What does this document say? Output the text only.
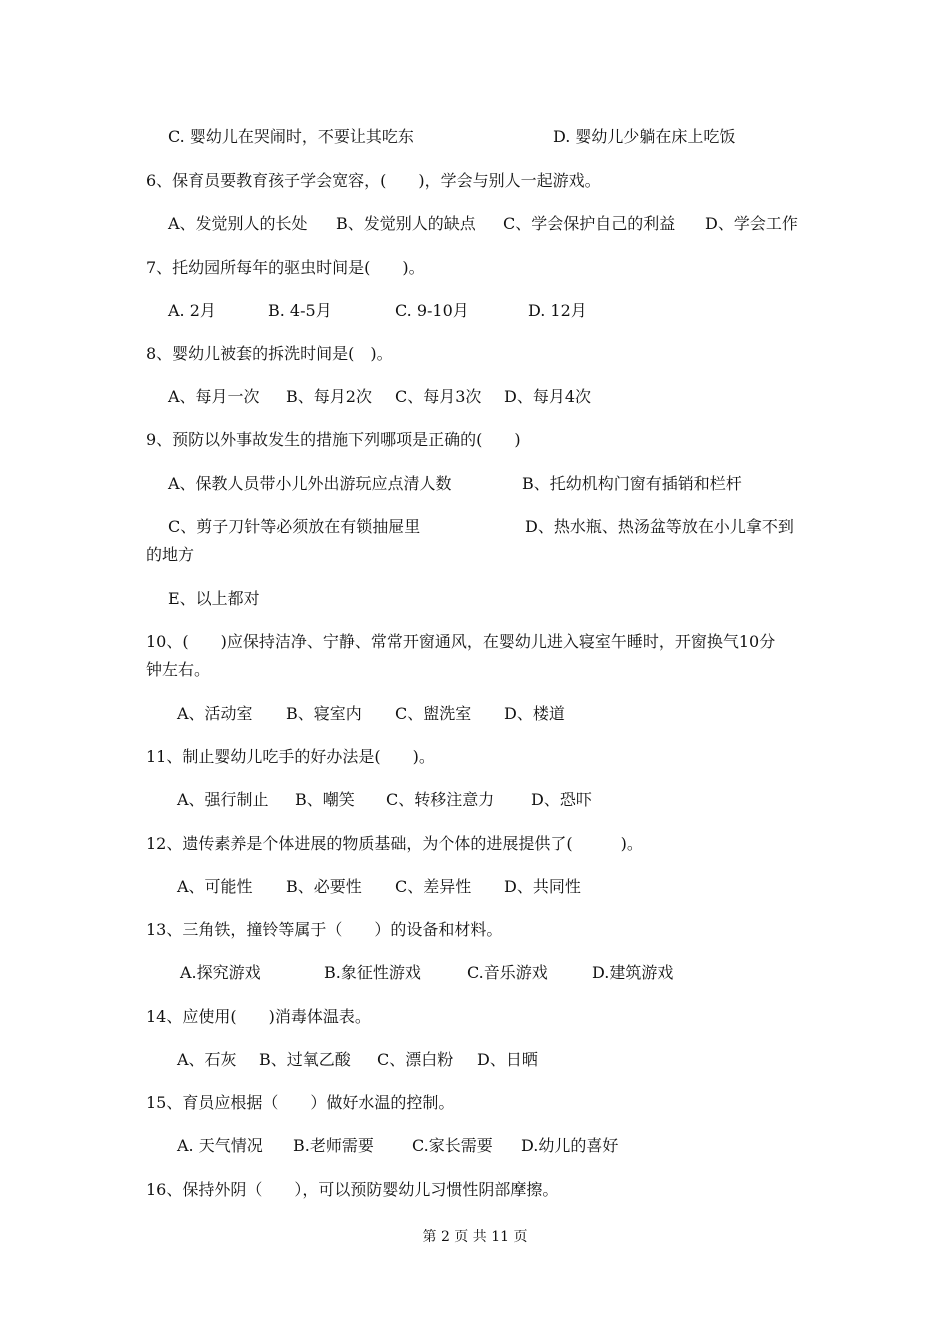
C. 婴幼儿在哭闹时，不要让其吃东	D. 婴幼儿少躺在床上吃饭
6、保育员要教育孩子学会宽容，(　　)，学会与别人一起游戏。
A、发觉别人的长处 B、发觉别人的缺点 C、学会保护自己的利益 D、学会工作
7、托幼园所每年的驱虫时间是(　　)。
A. 2月	B. 4-5月	C. 9-10月	D. 12月
8、婴幼儿被套的拆洗时间是(　)。
A、每月一次 B、每月2次 C、每月3次 D、每月4次
9、预防以外事故发生的措施下列哪项是正确的(　　)
A、保教人员带小儿外出游玩应点清人数	B、托幼机构门窗有插销和栏杆
C、剪子刀针等必须放在有锁抽屉里	D、热水瓶、热汤盆等放在小儿拿不到
的地方
E、以上都对
10、(　　)应保持洁净、宁静、常常开窗通风，在婴幼儿进入寝室午睡时，开窗换气10分
钟左右。
A、活动室 B、寝室内 C、盥洗室 D、楼道
11、制止婴幼儿吃手的好办法是(　　)。
A、强行制止 B、嘲笑 C、转移注意力 D、恐吓
12、遗传素养是个体进展的物质基础，为个体的进展提供了(　　　)。
A、可能性 B、必要性 C、差异性 D、共同性
13、三角铁，撞铃等属于（　　）的设备和材料。
A.探究游戏	B.象征性游戏	C.音乐游戏	D.建筑游戏
14、应使用(　　)消毒体温表。
A、石灰 B、过氧乙酸 C、漂白粉 D、日晒
15、育员应根据（　　）做好水温的控制。
A. 天气情况 B.老师需要 C.家长需要 D.幼儿的喜好
16、保持外阴（　　），可以预防婴幼儿习惯性阴部摩擦。
第 2 页 共 11 页
